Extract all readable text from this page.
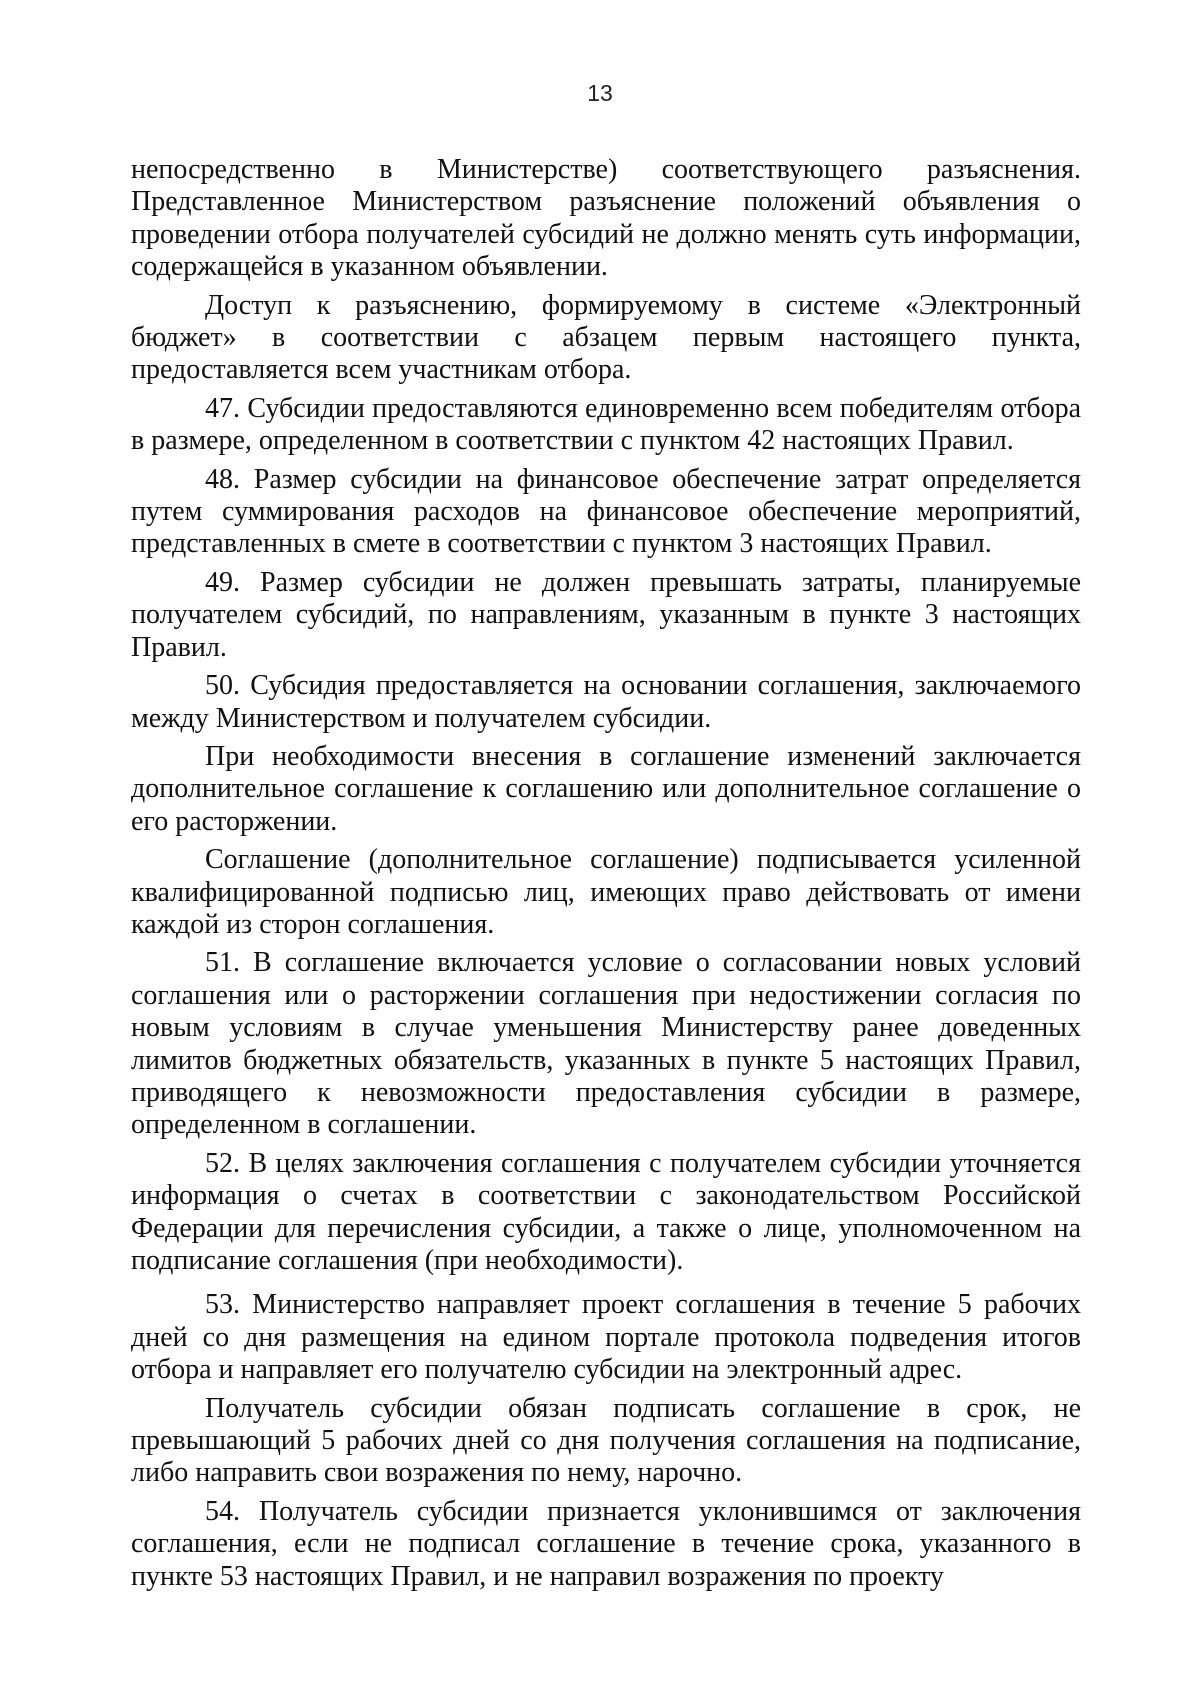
13

непосредственно в Министерстве) соответствующего разъяснения. Представленное Министерством разъяснение положений объявления о проведении отбора получателей субсидий не должно менять суть информации, содержащейся в указанном объявлении.

Доступ к разъяснению, формируемому в системе «Электронный бюджет» в соответствии с абзацем первым настоящего пункта, предоставляется всем участникам отбора.

47. Субсидии предоставляются единовременно всем победителям отбора в размере, определенном в соответствии с пунктом 42 настоящих Правил.

48. Размер субсидии на финансовое обеспечение затрат определяется путем суммирования расходов на финансовое обеспечение мероприятий, представленных в смете в соответствии с пунктом 3 настоящих Правил.

49. Размер субсидии не должен превышать затраты, планируемые получателем субсидий, по направлениям, указанным в пункте 3 настоящих Правил.

50. Субсидия предоставляется на основании соглашения, заключаемого между Министерством и получателем субсидии.

При необходимости внесения в соглашение изменений заключается дополнительное соглашение к соглашению или дополнительное соглашение о его расторжении.

Соглашение (дополнительное соглашение) подписывается усиленной квалифицированной подписью лиц, имеющих право действовать от имени каждой из сторон соглашения.

51. В соглашение включается условие о согласовании новых условий соглашения или о расторжении соглашения при недостижении согласия по новым условиям в случае уменьшения Министерству ранее доведенных лимитов бюджетных обязательств, указанных в пункте 5 настоящих Правил, приводящего к невозможности предоставления субсидии в размере, определенном в соглашении.

52. В целях заключения соглашения с получателем субсидии уточняется информация о счетах в соответствии с законодательством Российской Федерации для перечисления субсидии, а также о лице, уполномоченном на подписание соглашения (при необходимости).

53. Министерство направляет проект соглашения в течение 5 рабочих дней со дня размещения на едином портале протокола подведения итогов отбора и направляет его получателю субсидии на электронный адрес.

Получатель субсидии обязан подписать соглашение в срок, не превышающий 5 рабочих дней со дня получения соглашения на подписание, либо направить свои возражения по нему, нарочно.

54. Получатель субсидии признается уклонившимся от заключения соглашения, если не подписал соглашение в течение срока, указанного в пункте 53 настоящих Правил, и не направил возражения по проекту
